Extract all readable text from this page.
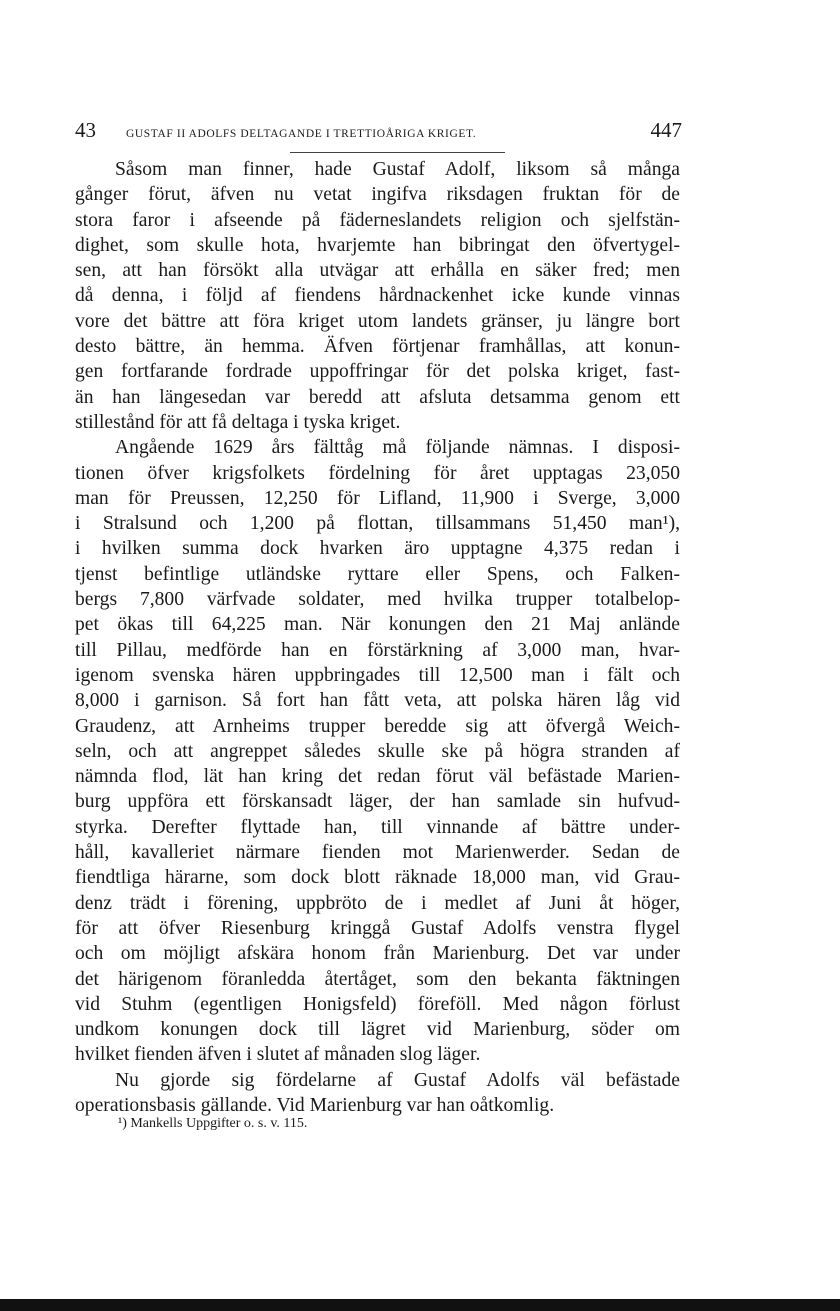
43	GUSTAF II ADOLFS DELTAGANDE I TRETTIOÅRIGA KRIGET.	447
Såsom man finner, hade Gustaf Adolf, liksom så många
gånger förut, äfven nu vetat ingifva riksdagen fruktan för de
stora faror i afseende på fäderneslandets religion och sjelfstän-
dighet, som skulle hota, hvarjemte han bibringat den öfvertygel-
sen, att han försökt alla utvägar att erhålla en säker fred; men
då denna, i följd af fiendens hårdnackenhet icke kunde vinnas
vore det bättre att föra kriget utom landets gränser, ju längre bort
desto bättre, än hemma. Äfven förtjenar framhållas, att konun-
gen fortfarande fordrade uppoffringar för det polska kriget, fast-
än han längesedan var beredd att afsluta detsamma genom ett
stillestånd för att få deltaga i tyska kriget.
Angående 1629 års fälttåg må följande nämnas. I disposi-
tionen öfver krigsfolkets fördelning för året upptagas 23,050
man för Preussen, 12,250 för Lifland, 11,900 i Sverge, 3,000
i Stralsund och 1,200 på flottan, tillsammans 51,450 man¹),
i hvilken summa dock hvarken äro upptagne 4,375 redan i
tjenst befintlige utländske ryttare eller Spens, och Falken-
bergs 7,800 värfvade soldater, med hvilka trupper totalbelop-
pet ökas till 64,225 man. När konungen den 21 Maj anlände
till Pillau, medförde han en förstärkning af 3,000 man, hvar-
igenom svenska hären uppbringades till 12,500 man i fält och
8,000 i garnison. Så fort han fått veta, att polska hären låg vid
Graudenz, att Arnheims trupper beredde sig att öfvergå Weich-
seln, och att angreppet således skulle ske på högra stranden af
nämnda flod, lät han kring det redan förut väl befästade Marien-
burg uppföra ett förskansadt läger, der han samlade sin hufvud-
styrka. Derefter flyttade han, till vinnande af bättre under-
håll, kavalleriet närmare fienden mot Marienwerder. Sedan de
fiendtliga härarne, som dock blott räknade 18,000 man, vid Grau-
denz trädt i förening, uppbröto de i medlet af Juni åt höger,
för att öfver Riesenburg kringgå Gustaf Adolfs venstra flygel
och om möjligt afskära honom från Marienburg. Det var under
det härigenom föranledda återtåget, som den bekanta fäktningen
vid Stuhm (egentligen Honigsfeld) föreföll. Med någon förlust
undkom konungen dock till lägret vid Marienburg, söder om
hvilket fienden äfven i slutet af månaden slog läger.
Nu gjorde sig fördelarne af Gustaf Adolfs väl befästade
operationsbasis gällande. Vid Marienburg var han oåtkomlig.
¹) Mankells Uppgifter o. s. v. 115.
